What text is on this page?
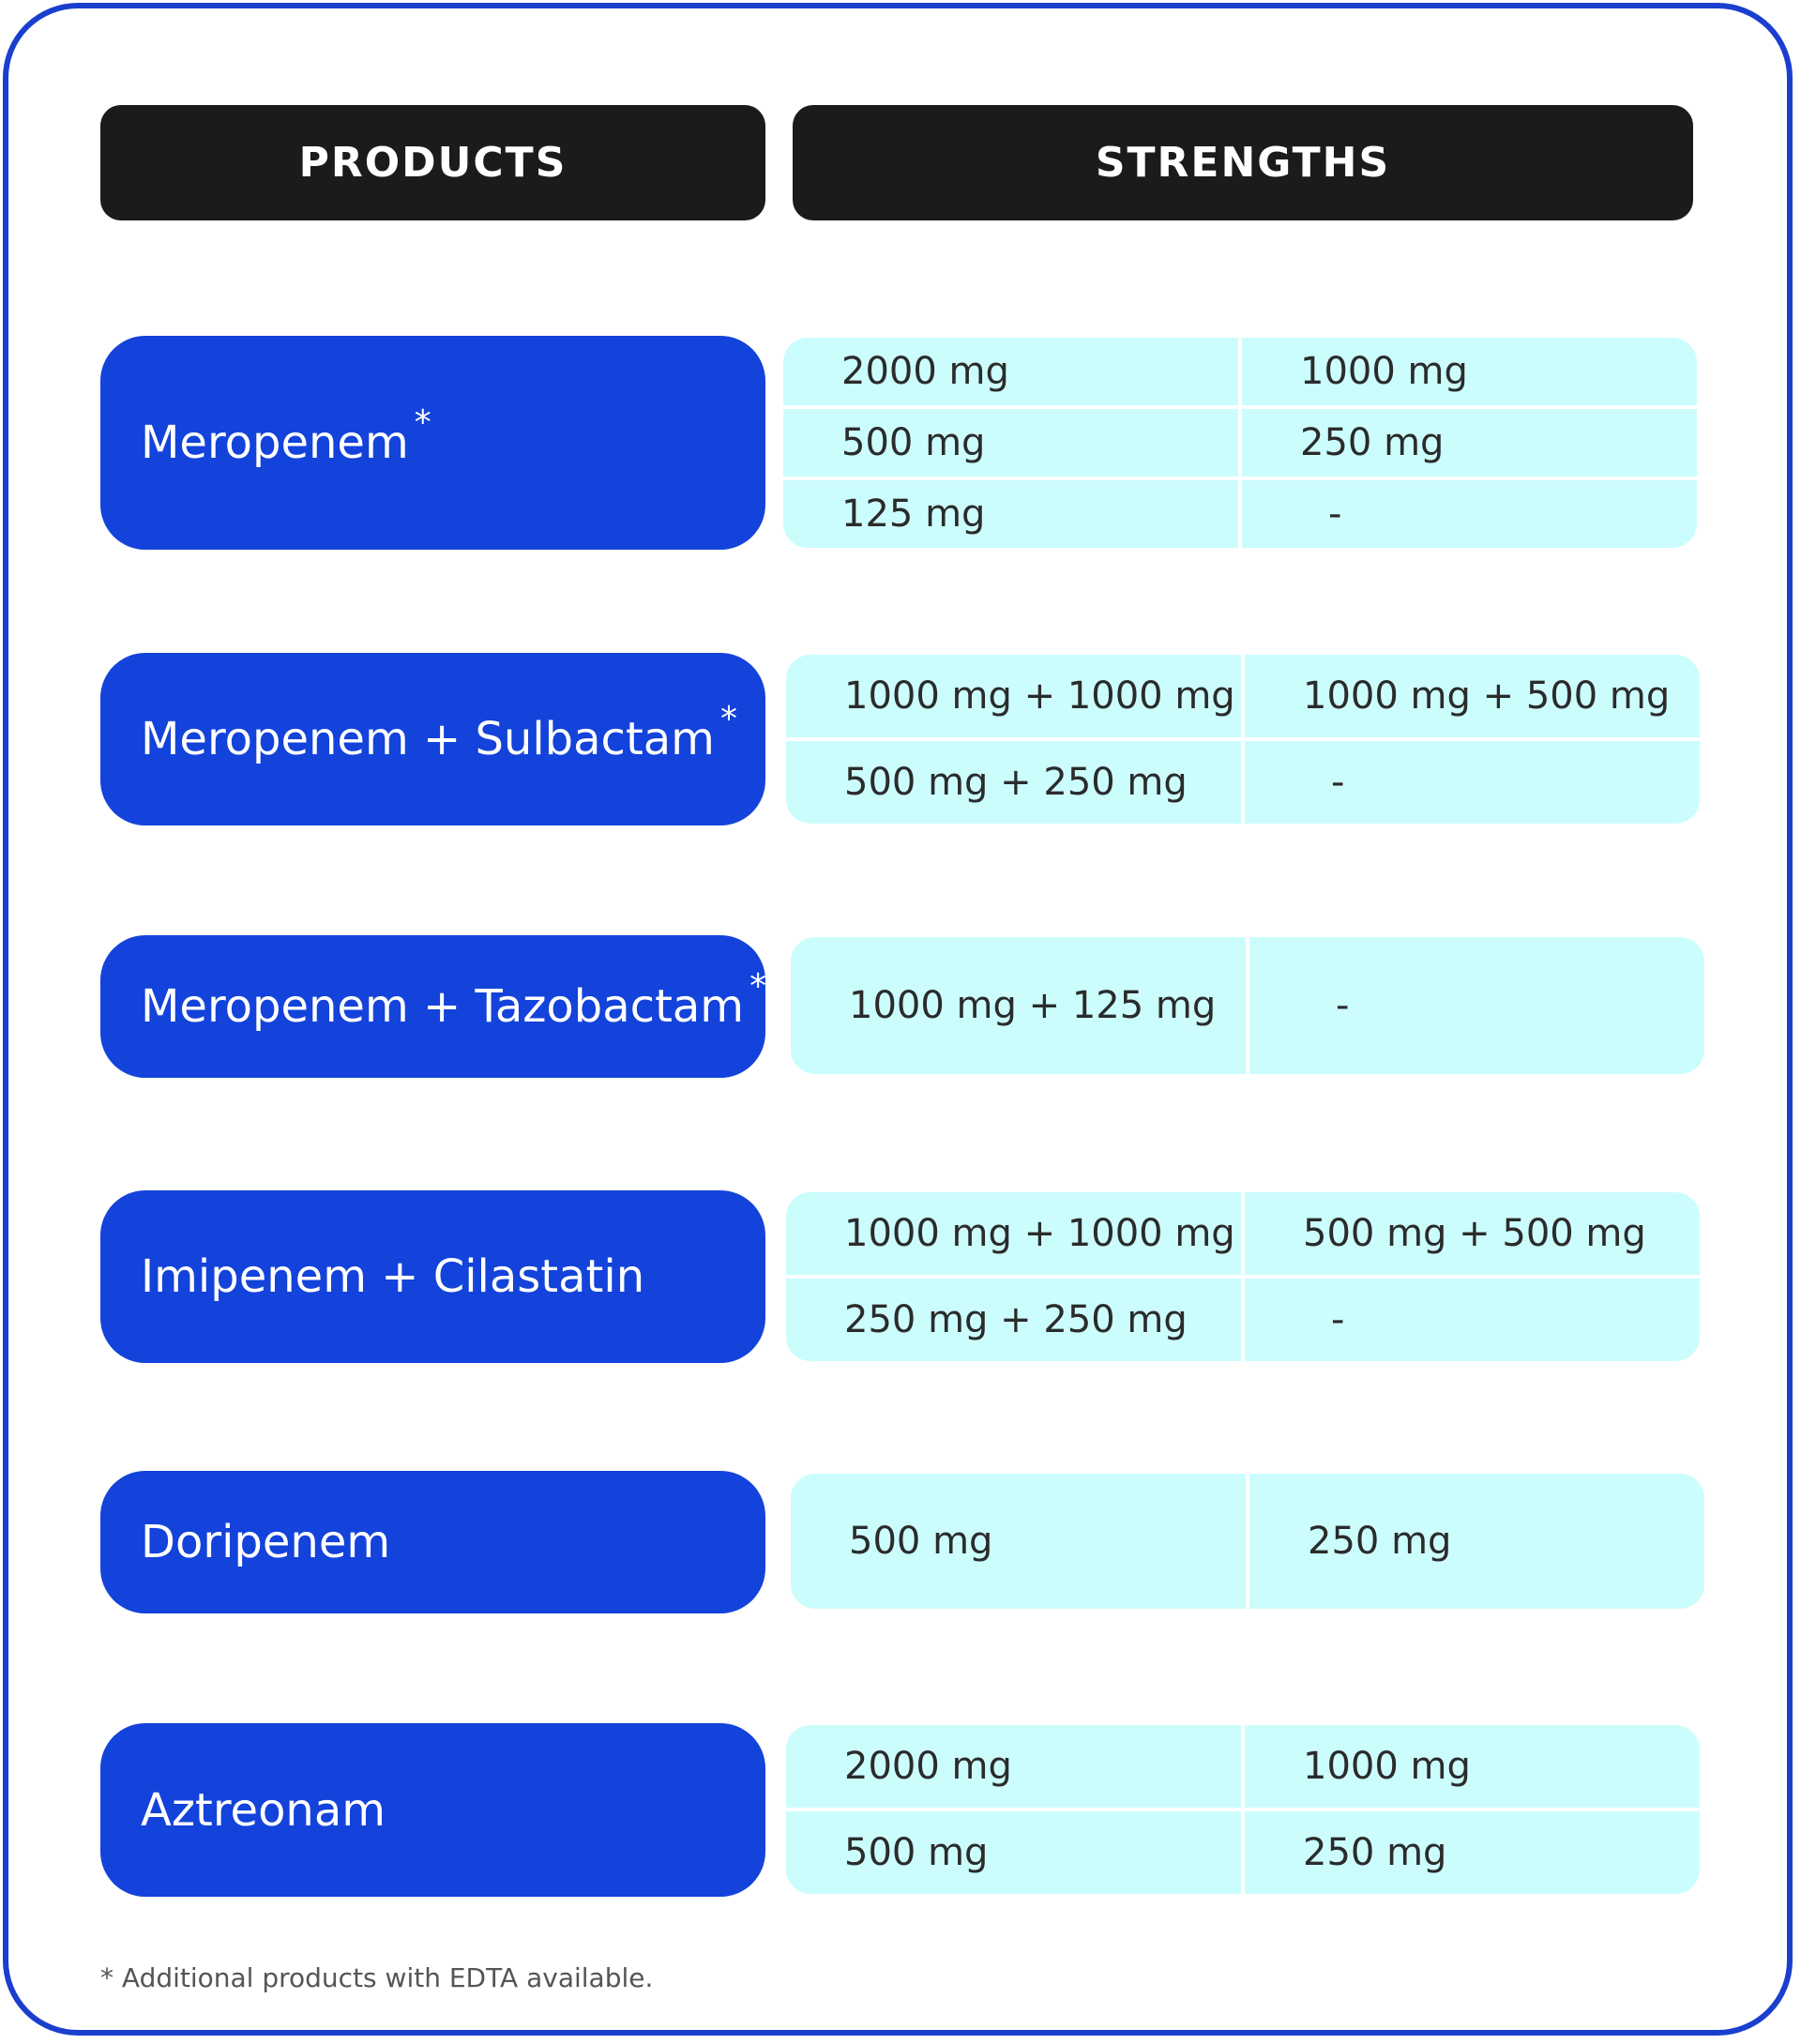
PRODUCTS	STRENGTHS
Meropenem *
2000 mg	1000 mg
500 mg	250 mg
125 mg	-
Meropenem + Sulbactam *
1000 mg + 1000 mg	1000 mg + 500 mg
500 mg + 250 mg	-
Meropenem + Tazobactam *	1000 mg + 125 mg	-
Imipenem + Cilastatin
1000 mg + 1000 mg	500 mg + 500 mg
250 mg + 250 mg	-
Doripenem	500 mg	250 mg
Aztreonam
2000 mg	1000 mg
500 mg	250 mg
* Additional products with EDTA available.
